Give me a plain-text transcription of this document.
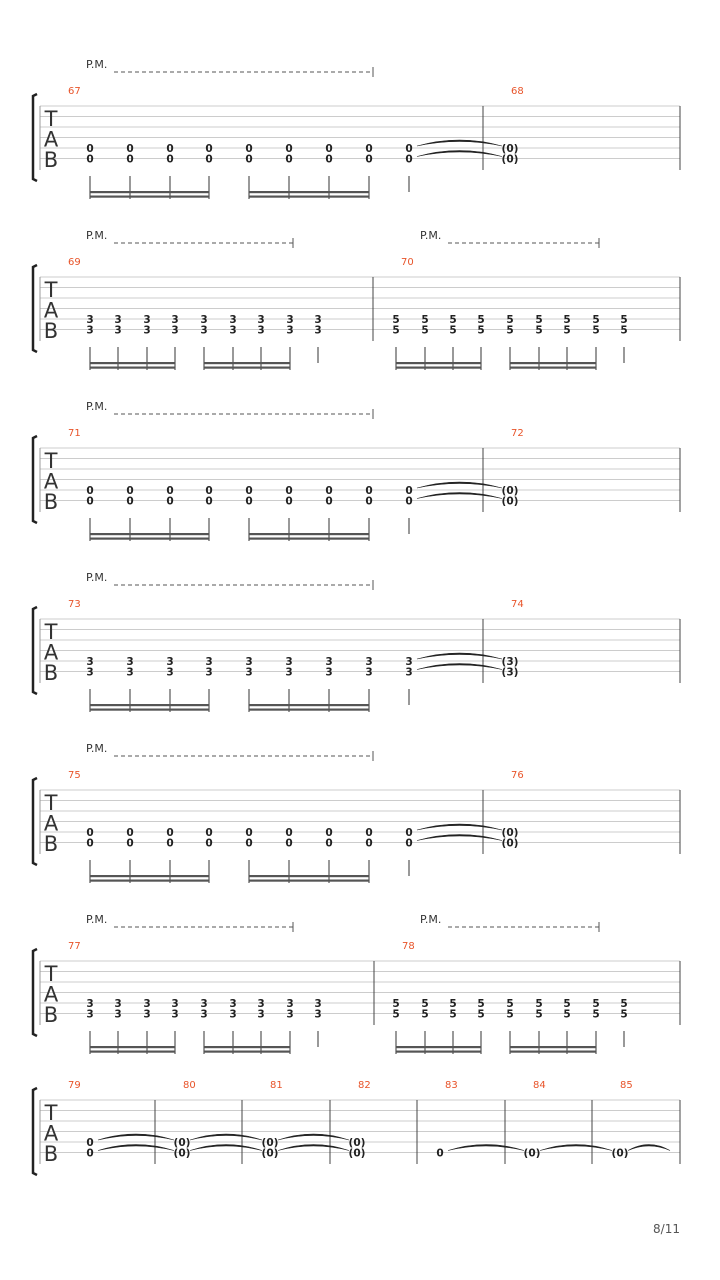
T
A
B
P.M.
67
0
0
0
0
0
0
0
0
0
0
0
0
0
0
0
0
0
0
68
(0)
(0)
T
A
B
P.M.	P.M.
69
3
3
3
3
3
3
3
3
3
3
3
3
3
3
3
3
3
3
70
5
5
5
5
5
5
5
5
5
5
5
5
5
5
5
5
5
5
T
A
B
P.M.
71
0
0
0
0
0
0
0
0
0
0
0
0
0
0
0
0
0
0
72
(0)
(0)
T
A
B
P.M.
73
3
3
3
3
3
3
3
3
3
3
3
3
3
3
3
3
3
3
74
(3)
(3)
T
A
B
P.M.
75
0
0
0
0
0
0
0
0
0
0
0
0
0
0
0
0
0
0
76
(0)
(0)
T
A
B
P.M.	P.M.
77
3
3
3
3
3
3
3
3
3
3
3
3
3
3
3
3
3
3
78
5
5
5
5
5
5
5
5
5
5
5
5
5
5
5
5
5
5
T
A
B
79
0
0
80
(0)
(0)
81
(0)
(0)
82
(0)
(0)
83
0
84
(0)
85
(0)
8/11
